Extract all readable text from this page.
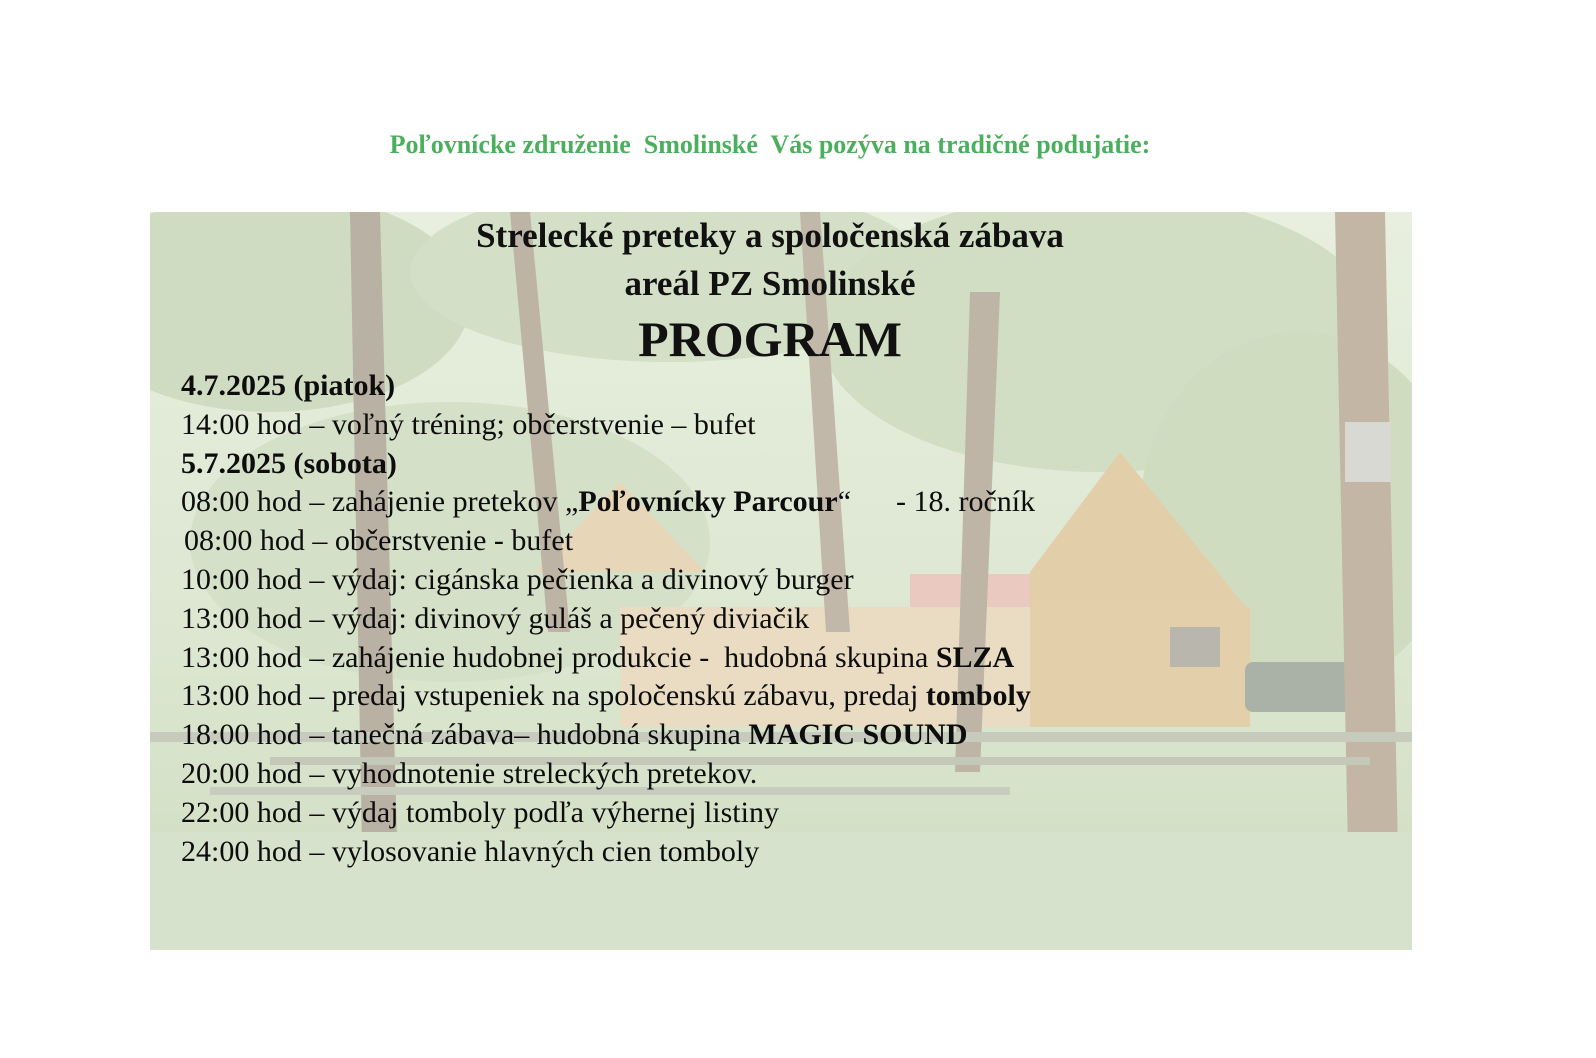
Poľovnícke združenie  Smolinské  Vás pozýva na tradičné podujatie:
Strelecké preteky a spoločenská zábava
areál PZ Smolinské
PROGRAM
4.7.2025 (piatok)
14:00 hod – voľný tréning; občerstvenie – bufet
5.7.2025 (sobota)
08:00 hod – zahájenie pretekov „Poľovnícky Parcour“      - 18. ročník
08:00 hod – občerstvenie - bufet
10:00 hod – výdaj: cigánska pečienka a divinový burger
13:00 hod – výdaj: divinový guláš a pečený diviačik
13:00 hod – zahájenie hudobnej produkcie -  hudobná skupina SLZA
13:00 hod – predaj vstupeniek na spoločenskú zábavu, predaj tomboly
18:00 hod – tanečná zábava– hudobná skupina MAGIC SOUND
20:00 hod – vyhodnotenie streleckých pretekov.
22:00 hod – výdaj tomboly podľa výhernej listiny
24:00 hod – vylosovanie hlavných cien tomboly
